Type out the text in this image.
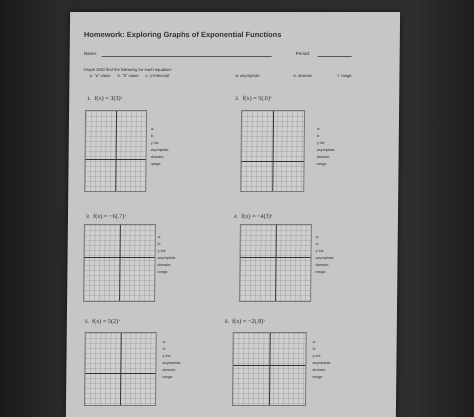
Homework: Exploring Graphs of Exponential Functions
Name:	Period:
Graph AND find the following for each equation:
a. "a" value b. "b" value c. y-intercept	d. asymptote	e. domain	f. range
1. f(x) = 3(3)ˣ
a:
b:
y-int:
asymptote:
domain:
range:
2. f(x) = 5(.6)ˣ
a:
b:
y-int:
asymptote:
domain:
range:
3. f(x) = −6(.7)ˣ
a:
b:
y-int:
asymptote:
domain:
range:
4. f(x) = −4(3)ˣ
a:
b:
y-int:
asymptote:
domain:
range:
5. f(x) = 5(2)ˣ
a:
b:
y-int:
asymptote:
domain:
range:
6. f(x) = −2(.8)ˣ
a:
b:
y-int:
asymptote:
domain:
range:
